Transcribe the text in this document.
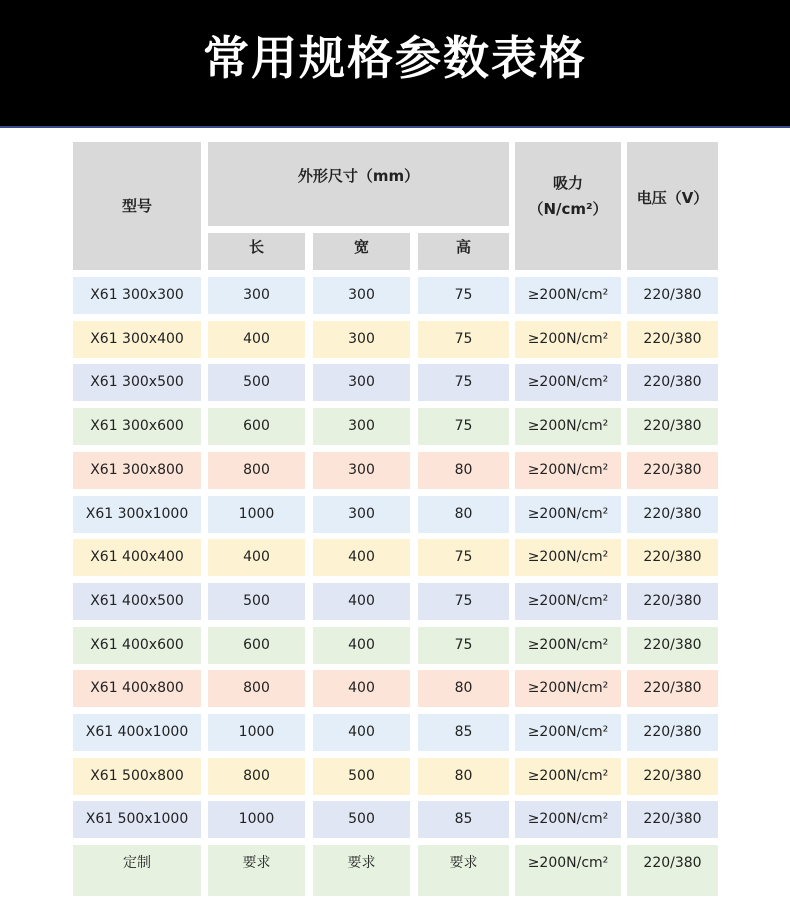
常用规格参数表格
型号
外形尺寸（mm）
长	宽	高
吸力
（N/cm²）
电压（V）
X61 300x300	300	300	75	≥200N/cm²	220/380
X61 300x400	400	300	75	≥200N/cm²	220/380
X61 300x500	500	300	75	≥200N/cm²	220/380
X61 300x600	600	300	75	≥200N/cm²	220/380
X61 300x800	800	300	80	≥200N/cm²	220/380
X61 300x1000	1000	300	80	≥200N/cm²	220/380
X61 400x400	400	400	75	≥200N/cm²	220/380
X61 400x500	500	400	75	≥200N/cm²	220/380
X61 400x600	600	400	75	≥200N/cm²	220/380
X61 400x800	800	400	80	≥200N/cm²	220/380
X61 400x1000	1000	400	85	≥200N/cm²	220/380
X61 500x800	800	500	80	≥200N/cm²	220/380
X61 500x1000	1000	500	85	≥200N/cm²	220/380
定制	要求	要求	要求	≥200N/cm²	220/380
